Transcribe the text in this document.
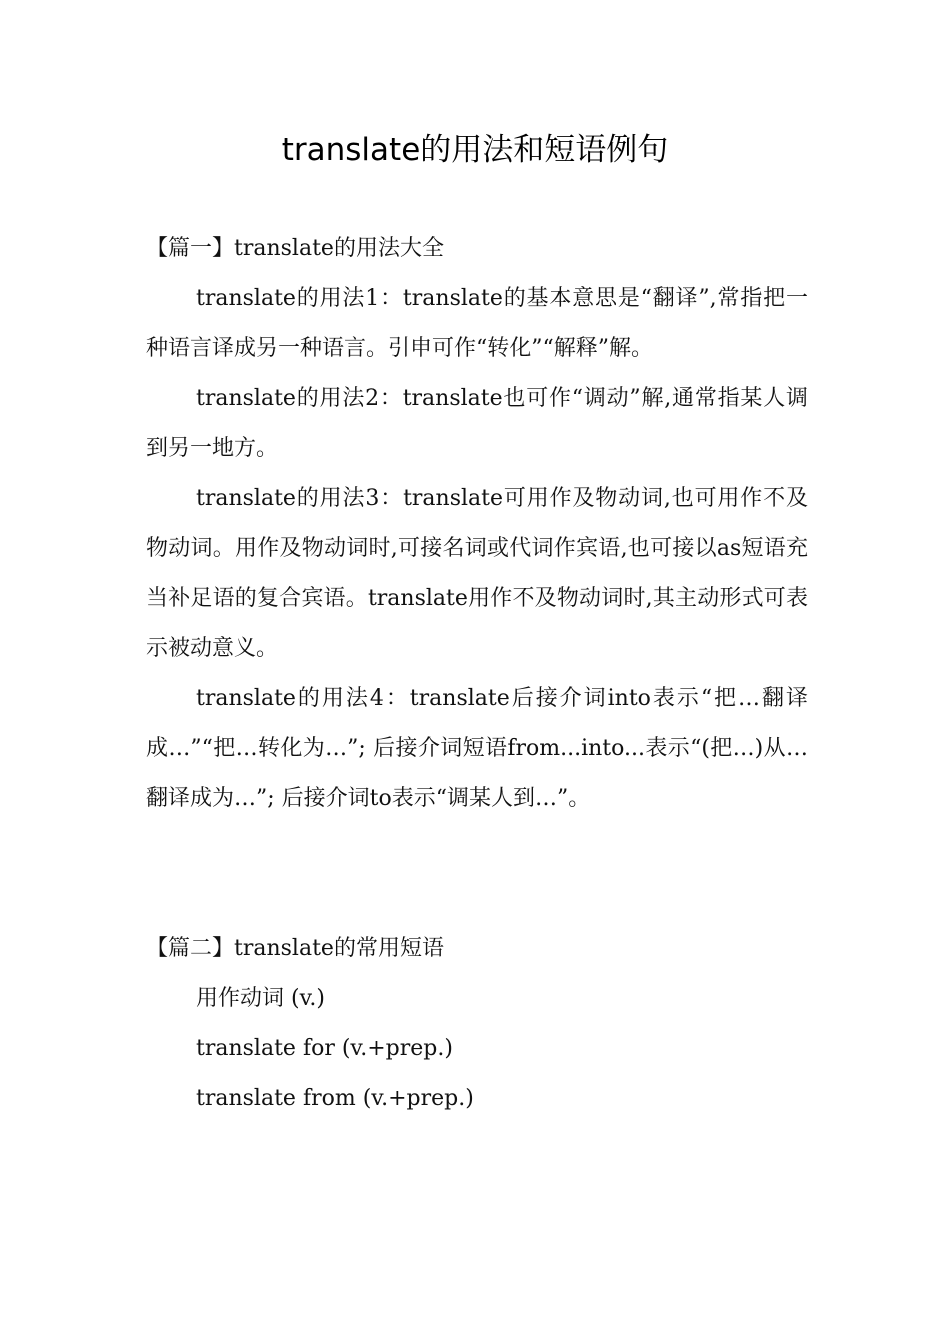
translate的用法和短语例句

【篇一】translate的用法大全

translate的用法1：translate的基本意思是“翻译”,常指把一种语言译成另一种语言。引申可作“转化”“解释”解。

translate的用法2：translate也可作“调动”解,通常指某人调到另一地方。

translate的用法3：translate可用作及物动词,也可用作不及物动词。用作及物动词时,可接名词或代词作宾语,也可接以as短语充当补足语的复合宾语。translate用作不及物动词时,其主动形式可表示被动意义。

translate的用法4：translate后接介词into表示“把…翻译成…”“把…转化为…”; 后接介词短语from...into...表示“(把…)从…翻译成为…”; 后接介词to表示“调某人到…”。

【篇二】translate的常用短语

用作动词 (v.)

translate for (v.+prep.)

translate from (v.+prep.)
